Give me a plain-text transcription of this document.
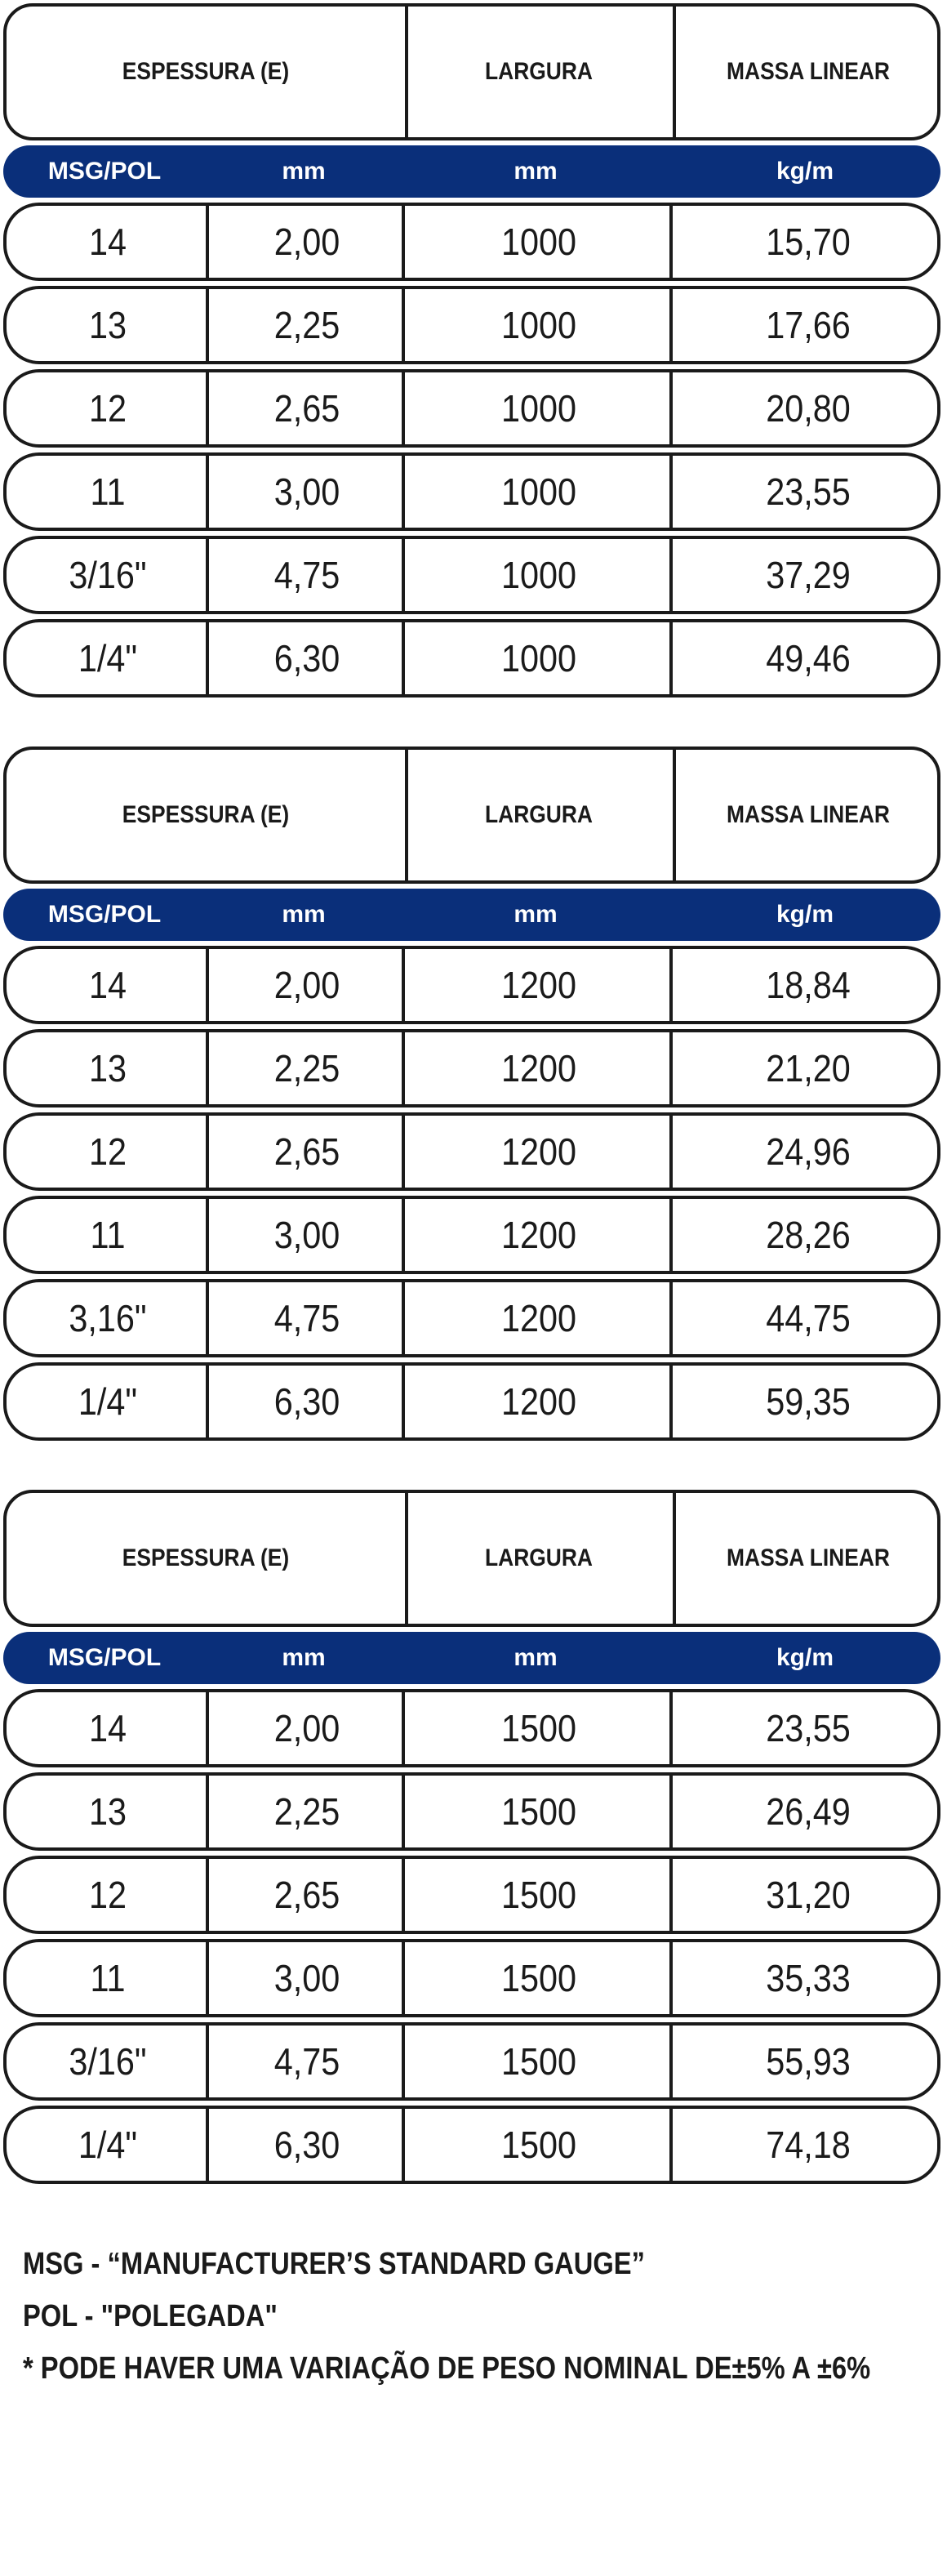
ESPESSURA (E)	LARGURA	MASSA LINEAR
MSG/POL	mm	mm	kg/m
14	2,00	1000	15,70
13	2,25	1000	17,66
12	2,65	1000	20,80
11	3,00	1000	23,55
3/16"	4,75	1000	37,29
1/4"	6,30	1000	49,46
ESPESSURA (E)	LARGURA	MASSA LINEAR
MSG/POL	mm	mm	kg/m
14	2,00	1200	18,84
13	2,25	1200	21,20
12	2,65	1200	24,96
11	3,00	1200	28,26
3,16"	4,75	1200	44,75
1/4"	6,30	1200	59,35
ESPESSURA (E)	LARGURA	MASSA LINEAR
MSG/POL	mm	mm	kg/m
14	2,00	1500	23,55
13	2,25	1500	26,49
12	2,65	1500	31,20
11	3,00	1500	35,33
3/16"	4,75	1500	55,93
1/4"	6,30	1500	74,18
MSG - “MANUFACTURER’S STANDARD GAUGE”
POL - "POLEGADA"
* PODE HAVER UMA VARIAÇÃO DE PESO NOMINAL DE±5% A ±6%
